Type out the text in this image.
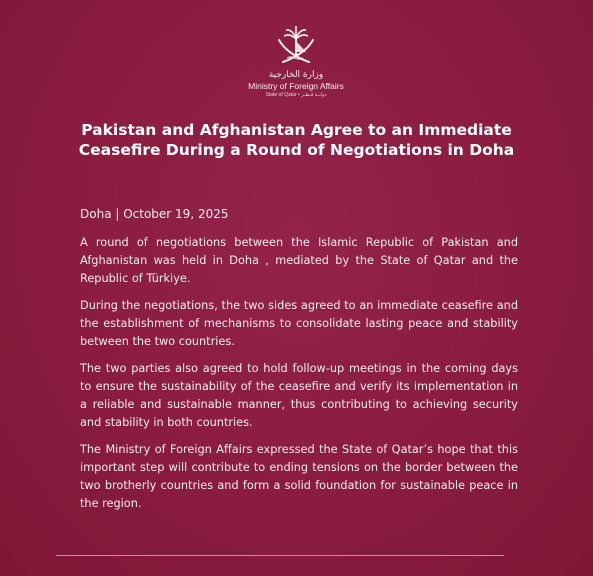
وزارة الخارجية
Ministry of Foreign Affairs
State of Qatar • دولــة قـطـر
Pakistan and Afghanistan Agree to an Immediate Ceasefire During a Round of Negotiations in Doha

Doha | October 19, 2025

A round of negotiations between the Islamic Republic of Pakistan and Afghanistan was held in Doha , mediated by the State of Qatar and the Republic of Türkiye.

During the negotiations, the two sides agreed to an immediate ceasefire and the establishment of mechanisms to consolidate lasting peace and stability between the two countries.

The two parties also agreed to hold follow-up meetings in the coming days to ensure the sustainability of the ceasefire and verify its implementation in a reliable and sustainable manner, thus contributing to achieving security and stability in both countries.

The Ministry of Foreign Affairs expressed the State of Qatar’s hope that this important step will contribute to ending tensions on the border between the two brotherly countries and form a solid foundation for sustainable peace in the region.
